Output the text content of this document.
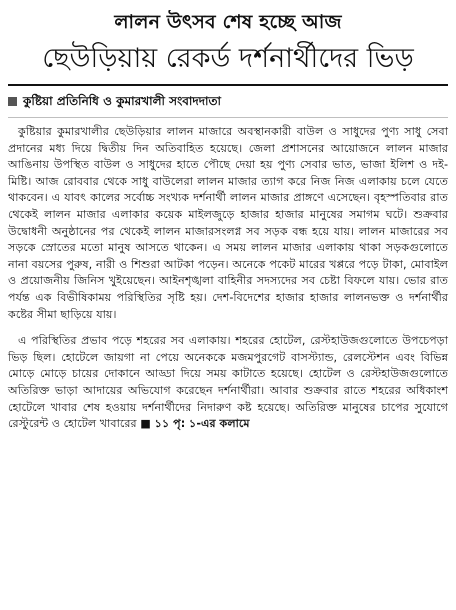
লালন উৎসব শেষ হচ্ছে আজ
ছেউড়িয়ায় রেকর্ড দর্শনার্থীদের ভিড়
কুষ্টিয়া প্রতিনিধি ও কুমারখালী সংবাদদাতা

কুষ্টিয়ার কুমারখালীর ছেউড়িয়ার লালন মাজারে অবস্থানকারী বাউল ও সাধুদের পুণ্য সাধু সেবা প্রদানের মধ্য দিয়ে দ্বিতীয় দিন অতিবাহিত হয়েছে। জেলা প্রশাসনের আয়োজনে লালন মাজার আঙিনায় উপস্থিত বাউল ও সাধুদের হাতে পৌছে দেয়া হয় পুণ্য সেবার ভাত, ভাজা ইলিশ ও দই-মিষ্টি। আজ রোববার থেকে সাধু বাউলেরা লালন মাজার ত্যাগ করে নিজ নিজ এলাকায় চলে যেতে থাকবেন। এ যাবৎ কালের সর্বোচ্চ সংখ্যক দর্শনার্থী লালন মাজার প্রাঙ্গণে এসেছেন। বৃহস্পতিবার রাত থেকেই লালন মাজার এলাকার কয়েক মাইলজুড়ে হাজার হাজার মানুষের সমাগম ঘটে। শুক্রবার উদ্বোধনী অনুষ্ঠানের পর থেকেই লালন মাজারসংলগ্ন সব সড়ক বন্ধ হয়ে যায়। লালন মাজারের সব সড়কে স্রোতের মতো মানুষ আসতে থাকেন। এ সময় লালন মাজার এলাকায় থাকা সড়কগুলোতে নানা বয়সের পুরুষ, নারী ও শিশুরা আটকা পড়েন। অনেকে পকেট মারের খপ্পরে পড়ে টাকা, মোবাইল ও প্রয়োজনীয় জিনিস খুইয়েছেন। আইনশৃঙ্খলা বাহিনীর সদস্যদের সব চেষ্টা বিফলে যায়। ভোর রাত পর্যন্ত এক বিভীষিকাময় পরিস্থিতির সৃষ্টি হয়। দেশ-বিদেশের হাজার হাজার লালনভক্ত ও দর্শনার্থীর কষ্টের সীমা ছাড়িয়ে যায়।

এ পরিস্থিতির প্রভাব পড়ে শহরের সব এলাকায়। শহরের হোটেল, রেস্টহাউজগুলোতে উপচেপড়া ভিড় ছিল। হোটেলে জায়গা না পেয়ে অনেককে মজমপুরগেট বাসস্ট্যান্ড, রেলস্টেশন এবং বিভিন্ন মোড়ে মোড়ে চায়ের দোকানে আড্ডা দিয়ে সময় কাটাতে হয়েছে। হোটেল ও রেস্টহাউজগুলোতে অতিরিক্ত ভাড়া আদায়ের অভিযোগ করেছেন দর্শনার্থীরা। আবার শুক্রবার রাতে শহরের অধিকাংশ হোটেলে খাবার শেষ হওয়ায় দর্শনার্থীদের নিদারুণ কষ্ট হয়েছে। অতিরিক্ত মানুষের চাপের সুযোগে রেস্টুরেন্ট ও হোটেল খাবারের ■ ১১ পৃ: ১-এর কলামে
